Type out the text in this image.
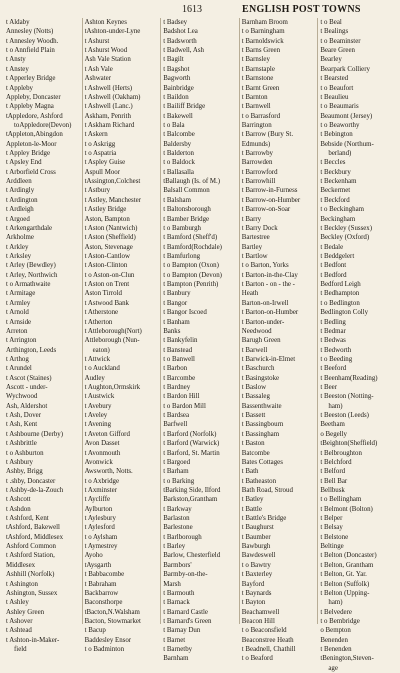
1613	ENGLISH POST TOWNS
t Aldaby
Annesley (Notts)
t Annesley Woodh.
t o Annfield Plain
t Ansty
t Anstey
t Apperley Bridge
t Appleby
Appleby, Doncaster
t Appleby Magna
tAppledore, Ashford
toAppledore(Devon)
tAppleton,Abingdon
Appleton-le-Moor
t Appley Bridge
t Apsley End
t Arborfield Cross
Arddleen
t Ardingly
t Ardington
t Ardleigh
t Argoed
t Arkengarthdale
Arkholme
t Arkley
t Arksley
t Arley (Bewdley)
t Arley, Northwich
t o Armathwaite
t Armitage
t Armley
t Arnold
t Arnside
Arreton
t Arrington
Arthington, Leeds
t Arthog
t Arundel
t Ascot (Staines)
Ascott - under-
Wychwood
Ash, Aldershot
t Ash, Dover
t Ash, Kent
t Ashbourne (Derby)
t Ashbrittle
t o Ashburton
t Ashbury
Ashby, Brigg
t .shby, Doncaster
t Ashby-de-la-Zouch
t Ashcott
t Ashdon
t Ashford, Kent
tAshford, Bakewell
tAshford, Middlesex
Ashford Common
t Ashford Station,
Middlesex
Ashhill (Norfolk)
t Ashington
Ashington, Sussex
t Ashley
Ashley Green
t Ashover
t Ashtead
t Ashton-in-Maker-
field
Ashton Keynes
tAshton-under-Lyne
t Ashurst
t Ashurst Wood
Ash Vale Station
t Ash Vale
Ashwater
t Ashwell (Herts)
t Ashwell (Oakham)
t Ashwell (Lanc.)
Askham, Penrith
t Askham Richard
t Askern
t o Askrigg
t o Aspatria
t Aspley Guise
Aspull Moor
tAssington,Colchest
t Astbury
t Astley, Manchester
t Astley Bridge
Aston, Bampton
t Aston (Nantwich)
t Aston (Sheffield)
Aston, Stevenage
t Aston-Cantlow
t Aston-Clinton
t o Aston-on-Clun
t Aston on Trent
Aston Tirrold
t Astwood Bank
t Atherstone
t Atherton
t Attleborough(Nort)
Attleborough (Nun-
eaton)
t Attwick
t o Auckland
Audley
t Aughton,Ormskirk
t Austwick
t Avebury
t Aveley
t Avening
t Aveton Gifford
Avon Dasset
t Avonmouth
Avonwick
Awsworth, Notts.
t o Axbridge
t Axminster
t Aycliffe
Aylburton
t Aylesbury
t Aylesford
t o Aylsham
t Aymestrey
Ayoho
tAysgarth
t Babbacombe
t Babraham
Backbarrow
Baconsthorpe
tBacton,N.Walsham
Bacton, Stowmarket
t Bacup
Baddesley Ensor
t o Badminton
t Badsey
Badshot Lea
t Badsworth
t Badwell, Ash
t Bagilt
t Bagshot
Bagworth
Bainbridge
t Baildon
t Bailiff Bridge
t Bakewell
t o Bala
t Balcombe
Baldersby
t Balderton
t o Baldock
t Ballasalla
tBallaugh (Is. of M.)
Balsall Common
t Balsham
t Baltonsborough
t Bamber Bridge
t o Bamburgh
t Bamford (Sheff'd)
t Bamford(Rochdale)
t Bamfurlong
t o Bampton (Oxon)
t o Bampton (Devon)
t Bampton (Penrith)
t Banbury
t Bangor
t Bangor Iscoed
t Banham
Banks
t Bankyfelin
t Banstead
t o Banwell
t Barbon
t Barcombe
t Bardney
t Bardon Hill
t o Bardon Mill
t Bardsea
Barfwell
t Barford (Norfolk)
t Barford (Warwick)
t Barford, St. Martin
t Bargoed
t Barham
t o Barking
tBarking Side, Ilford
Barkston,Grantham
t Barkway
Barlaston
Barlestone
t Barlborough
t Barley
Barlow, Chesterfield
Barmbors'
Barmby-on-the-
Marsh
t Barmouth
t Barnack
t Barnard Castle
t Barnard's Green
t Barnay Dun
t Barnet
t Barnetby
Barnham
Barnham Broom
t o Barningham
t Barnoldswick
t Barns Green
t Barnsley
t Barnstaple
t Barnstone
t Barnt Green
t Barnton
t Barnwell
t o Barrasford
Barrington
t Barrow (Bury St.
Edmunds)
t Barrowby
Barrowden
t Barrowford
t Barrowhill
t Barrow-in-Furness
t Barrow-on-Humber
t Barrow-on-Soar
t Barry
t Barry Dock
Bartestree
Bartley
t Bartlow
t o Barton, Yorks
t Barton-in-the-Clay
t Barton - on - the -
Heath
Barton-on-Irwell
t Barton-on-Humber
t Barton-under-
Needwood
Barugh Green
t Barwell
t Barwick-in-Elmet
t Baschurch
t Basingstoke
t Baslow
t Bassaleg
Bassenthwaite
t Bassett
t Bassingbourn
t Bassingham
t Baston
Batcombe
Bates Cottages
t Bath
t Batheaston
Bath Road, Stroud
t Batley
t Battle
t Battle's Bridge
t Baughurst
t Baumber
Bawburgh
Bawdeswell
t o Bawtry
t Baxterley
Bayford
t Baynards
t Bayton
Beachamwell
Beacon Hill
t o Beaconsfield
Beaconstree Heath
t Beadnell, Chathill
t o Beaford
t o Beal
t Bealings
t o Beaminster
Beare Green
Bearley
Bearpark Colliery
t Bearsted
t o Beaufort
t Beaulieu
t o Beaumaris
Beaumont (Jersey)
t o Beaworthy
t Bebington
Bebside (Northum-
berland)
t Beccles
t Beckbury
t Beckenham
Beckermet
t Beckford
t o Beckingham
Beckingham
t Beckley (Sussex)
Beckley (Oxford)
t Bedale
t Beddgelert
t Bedfont
t Bedford
Bedford Leigh
t Bedhampton
t o Bedlington
Bedlington Colly
t Bedling
t Bedmar
t Bedwas
t Bedworth
t o Beeding
t Beeford
t Beenham(Reading)
t Beer
t Beeston (Notting-
ham)
t Beeston (Leeds)
Beetham
o Begelly
tBeighton(Sheffield)
t Belbroughton
t Belchford
t Belford
t Bell Bar
Bellbusk
t o Bellingham
t Belmont (Bolton)
t Belper
t Belsay
t Belstone
Beltinge
t Belton (Doncaster)
t Belton, Grantham
t Belton, Gt. Yar.
t Belton (Suffolk)
t Belton (Upping-
ham)
t Belvedere
t o Bembridge
o Bempton
Benenden
t Benenden
tBenington,Steven-
age
